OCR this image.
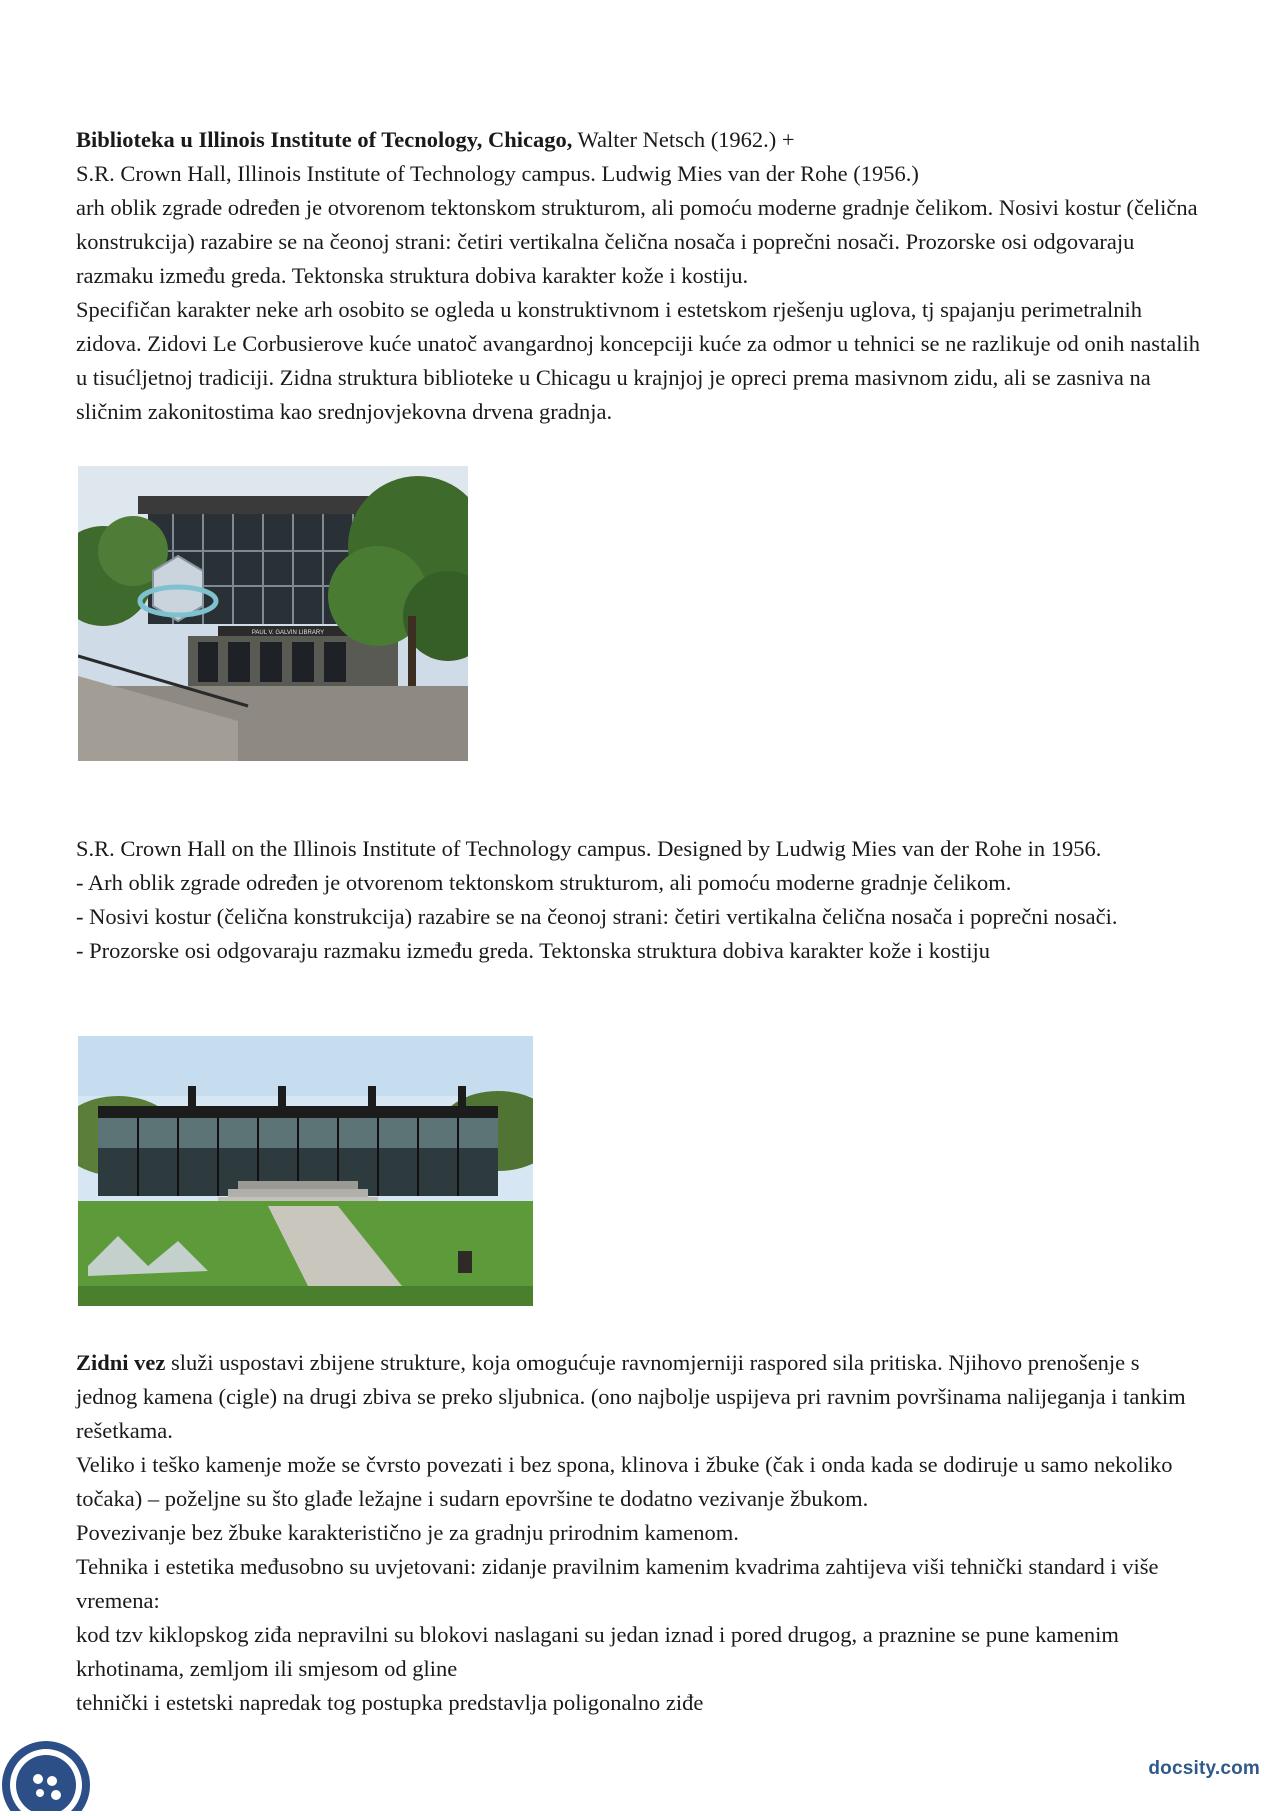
Biblioteka u Illinois Institute of Tecnology, Chicago, Walter Netsch (1962.) +

S.R. Crown Hall, Illinois Institute of Technology campus. Ludwig Mies van der Rohe (1956.)

arh oblik zgrade određen je otvorenom tektonskom strukturom, ali pomoću moderne gradnje čelikom. Nosivi kostur (čelična konstrukcija) razabire se na čeonoj strani: četiri vertikalna čelična nosača i poprečni nosači. Prozorske osi odgovaraju razmaku između greda. Tektonska struktura dobiva karakter kože i kostiju.

Specifičan karakter neke arh osobito se ogleda u konstruktivnom i estetskom rješenju uglova, tj spajanju perimetralnih zidova. Zidovi Le Corbusierove kuće unatoč avangardnoj koncepciji kuće za odmor u tehnici se ne razlikuje od onih nastalih u tisućljetnoj tradiciji. Zidna struktura biblioteke u Chicagu u krajnjoj je opreci prema masivnom zidu, ali se zasniva na sličnim zakonitostima kao srednjovjekovna drvena gradnja.

PAUL V. GALVIN LIBRARY

S.R. Crown Hall on the Illinois Institute of Technology campus. Designed by Ludwig Mies van der Rohe in 1956.

- Arh oblik zgrade određen je otvorenom tektonskom strukturom, ali pomoću moderne gradnje čelikom.

- Nosivi kostur (čelična konstrukcija) razabire se na čeonoj strani: četiri vertikalna čelična nosača i poprečni nosači.

- Prozorske osi odgovaraju razmaku između greda. Tektonska struktura dobiva karakter kože i kostiju

Zidni vez služi uspostavi zbijene strukture, koja omogućuje ravnomjerniji raspored sila pritiska. Njihovo prenošenje s jednog kamena (cigle) na drugi zbiva se preko sljubnica. (ono najbolje uspijeva pri ravnim površinama nalijeganja i tankim rešetkama.

Veliko i teško kamenje može se čvrsto povezati i bez spona, klinova i žbuke (čak i onda kada se dodiruje u samo nekoliko točaka) – poželjne su što glađe ležajne i sudarn epovršine te dodatno vezivanje žbukom.

Povezivanje bez žbuke karakteristično je za gradnju prirodnim kamenom.

Tehnika i estetika međusobno su uvjetovani: zidanje pravilnim kamenim kvadrima zahtijeva viši tehnički standard i više vremena:

kod tzv kiklopskog ziđa nepravilni su blokovi naslagani su jedan iznad i pored drugog, a praznine se pune kamenim krhotinama, zemljom ili smjesom od gline

tehnički i estetski napredak tog postupka predstavlja poligonalno ziđe

docsity.com
